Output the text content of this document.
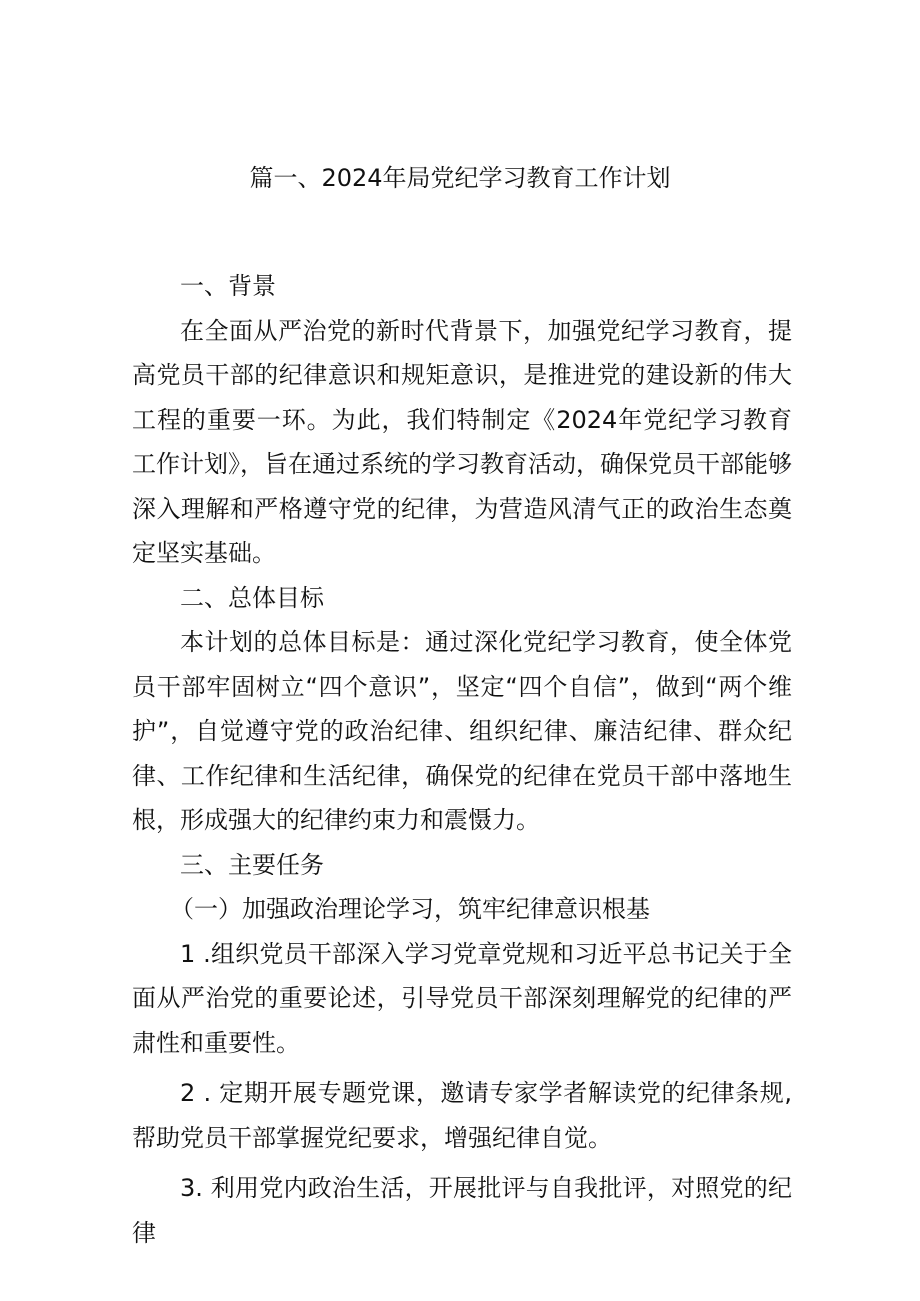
篇一、2024年局党纪学习教育工作计划

一、背景

在全面从严治党的新时代背景下，加强党纪学习教育，提高党员干部的纪律意识和规矩意识，是推进党的建设新的伟大工程的重要一环。为此，我们特制定《2024年党纪学习教育工作计划》，旨在通过系统的学习教育活动，确保党员干部能够深入理解和严格遵守党的纪律，为营造风清气正的政治生态奠定坚实基础。

二、总体目标

本计划的总体目标是：通过深化党纪学习教育，使全体党员干部牢固树立“四个意识”，坚定“四个自信”，做到“两个维护”，自觉遵守党的政治纪律、组织纪律、廉洁纪律、群众纪律、工作纪律和生活纪律，确保党的纪律在党员干部中落地生根，形成强大的纪律约束力和震慑力。

三、主要任务

（一）加强政治理论学习，筑牢纪律意识根基

1 .组织党员干部深入学习党章党规和习近平总书记关于全面从严治党的重要论述，引导党员干部深刻理解党的纪律的严肃性和重要性。

2 . 定期开展专题党课，邀请专家学者解读党的纪律条规,帮助党员干部掌握党纪要求，增强纪律自觉。

3. 利用党内政治生活，开展批评与自我批评，对照党的纪律
